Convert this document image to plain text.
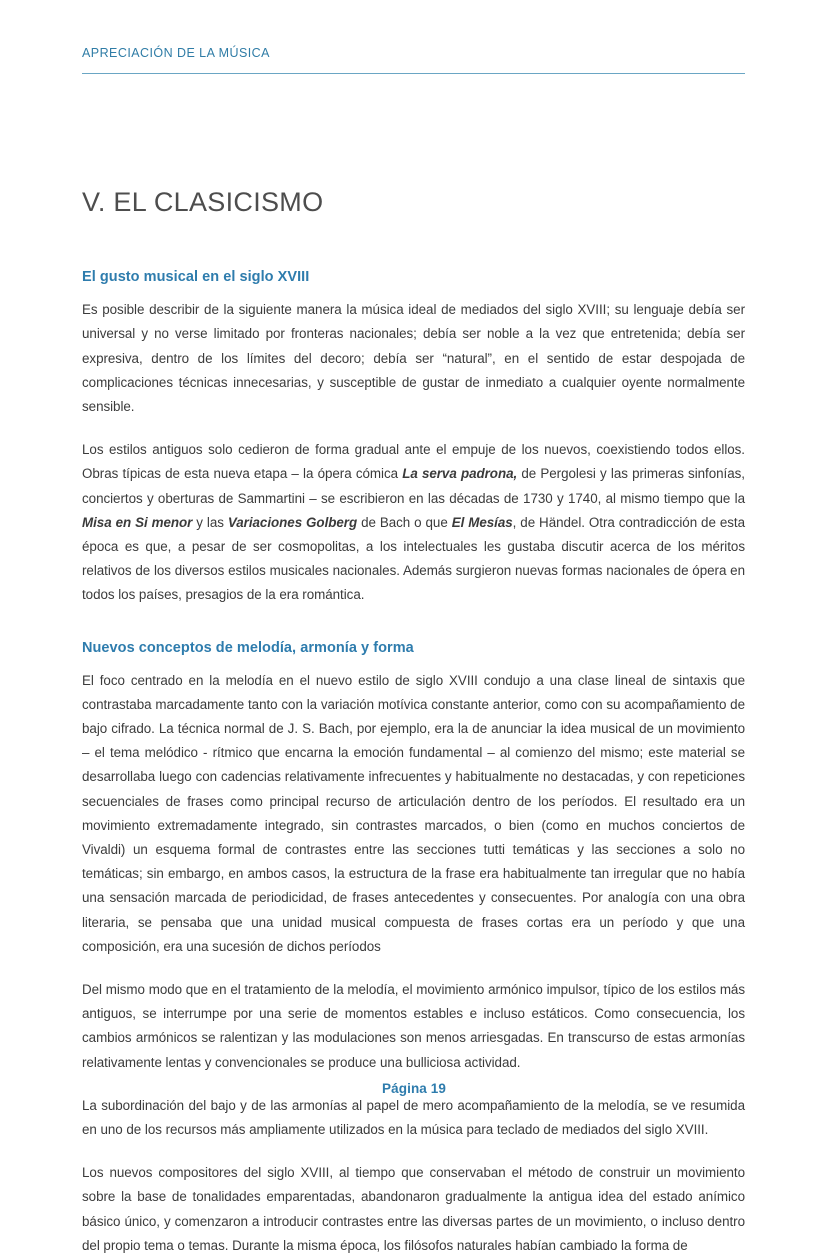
APRECIACIÓN DE LA MÚSICA
V. EL CLASICISMO
El gusto musical en el siglo XVIII

Es posible describir de la siguiente manera la música ideal de mediados del siglo XVIII; su lenguaje debía ser universal y no verse limitado por fronteras nacionales; debía ser noble a la vez que entretenida; debía ser expresiva, dentro de los límites del decoro; debía ser “natural”, en el sentido de estar despojada de complicaciones técnicas innecesarias, y susceptible de gustar de inmediato a cualquier oyente normalmente sensible.

Los estilos antiguos solo cedieron de forma gradual ante el empuje de los nuevos, coexistiendo todos ellos. Obras típicas de esta nueva etapa – la ópera cómica La serva padrona, de Pergolesi y las primeras sinfonías, conciertos y oberturas de Sammartini – se escribieron en las décadas de 1730 y 1740, al mismo tiempo que la Misa en Si menor y las Variaciones Golberg de Bach o que El Mesías, de Händel. Otra contradicción de esta época es que, a pesar de ser cosmopolitas, a los intelectuales les gustaba discutir acerca de los méritos relativos de los diversos estilos musicales nacionales. Además surgieron nuevas formas nacionales de ópera en todos los países, presagios de la era romántica.

Nuevos conceptos de melodía, armonía y forma

El foco centrado en la melodía en el nuevo estilo de siglo XVIII condujo a una clase lineal de sintaxis que contrastaba marcadamente tanto con la variación motívica constante anterior, como con su acompañamiento de bajo cifrado. La técnica normal de J. S. Bach, por ejemplo, era la de anunciar la idea musical de un movimiento – el tema melódico - rítmico que encarna la emoción fundamental – al comienzo del mismo; este material se desarrollaba luego con cadencias relativamente infrecuentes y habitualmente no destacadas, y con repeticiones secuenciales de frases como principal recurso de articulación dentro de los períodos. El resultado era un movimiento extremadamente integrado, sin contrastes marcados, o bien (como en muchos conciertos de Vivaldi) un esquema formal de contrastes entre las secciones tutti temáticas y las secciones a solo no temáticas; sin embargo, en ambos casos, la estructura de la frase era habitualmente tan irregular que no había una sensación marcada de periodicidad, de frases antecedentes y consecuentes. Por analogía con una obra literaria, se pensaba que una unidad musical compuesta de frases cortas era un período y que una composición, era una sucesión de dichos períodos

Del mismo modo que en el tratamiento de la melodía, el movimiento armónico impulsor, típico de los estilos más antiguos, se interrumpe por una serie de momentos estables e incluso estáticos. Como consecuencia, los cambios armónicos se ralentizan y las modulaciones son menos arriesgadas. En transcurso de estas armonías relativamente lentas y convencionales se produce una bulliciosa actividad.

La subordinación del bajo y de las armonías al papel de mero acompañamiento de la melodía, se ve resumida en uno de los recursos más ampliamente utilizados en la música para teclado de mediados del siglo XVIII.

Los nuevos compositores del siglo XVIII, al tiempo que conservaban el método de construir un movimiento sobre la base de tonalidades emparentadas, abandonaron gradualmente la antigua idea del estado anímico básico único, y comenzaron a introducir contrastes entre las diversas partes de un movimiento, o incluso dentro del propio tema o temas. Durante la misma época, los filósofos naturales habían cambiado la forma de

Página 19
